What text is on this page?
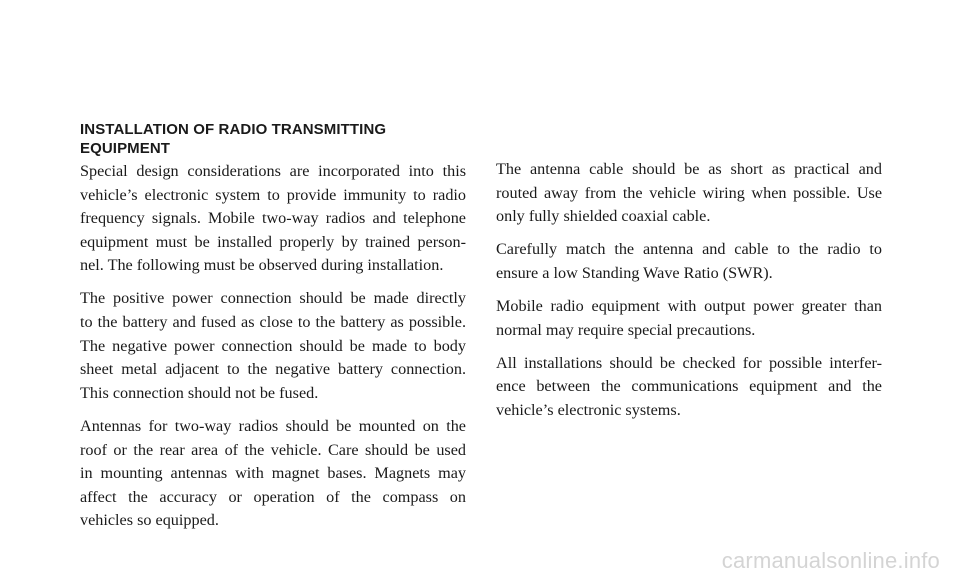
INSTALLATION OF RADIO TRANSMITTING
EQUIPMENT
Special design considerations are incorporated into this
vehicle’s electronic system to provide immunity to radio
frequency signals. Mobile two-way radios and telephone
equipment must be installed properly by trained person-
nel. The following must be observed during installation.
The positive power connection should be made directly
to the battery and fused as close to the battery as possible.
The negative power connection should be made to body
sheet metal adjacent to the negative battery connection.
This connection should not be fused.
Antennas for two-way radios should be mounted on the
roof or the rear area of the vehicle. Care should be used
in mounting antennas with magnet bases. Magnets may
affect the accuracy or operation of the compass on
vehicles so equipped.
The antenna cable should be as short as practical and
routed away from the vehicle wiring when possible. Use
only fully shielded coaxial cable.
Carefully match the antenna and cable to the radio to
ensure a low Standing Wave Ratio (SWR).
Mobile radio equipment with output power greater than
normal may require special precautions.
All installations should be checked for possible interfer-
ence between the communications equipment and the
vehicle’s electronic systems.
carmanualsonline.info
